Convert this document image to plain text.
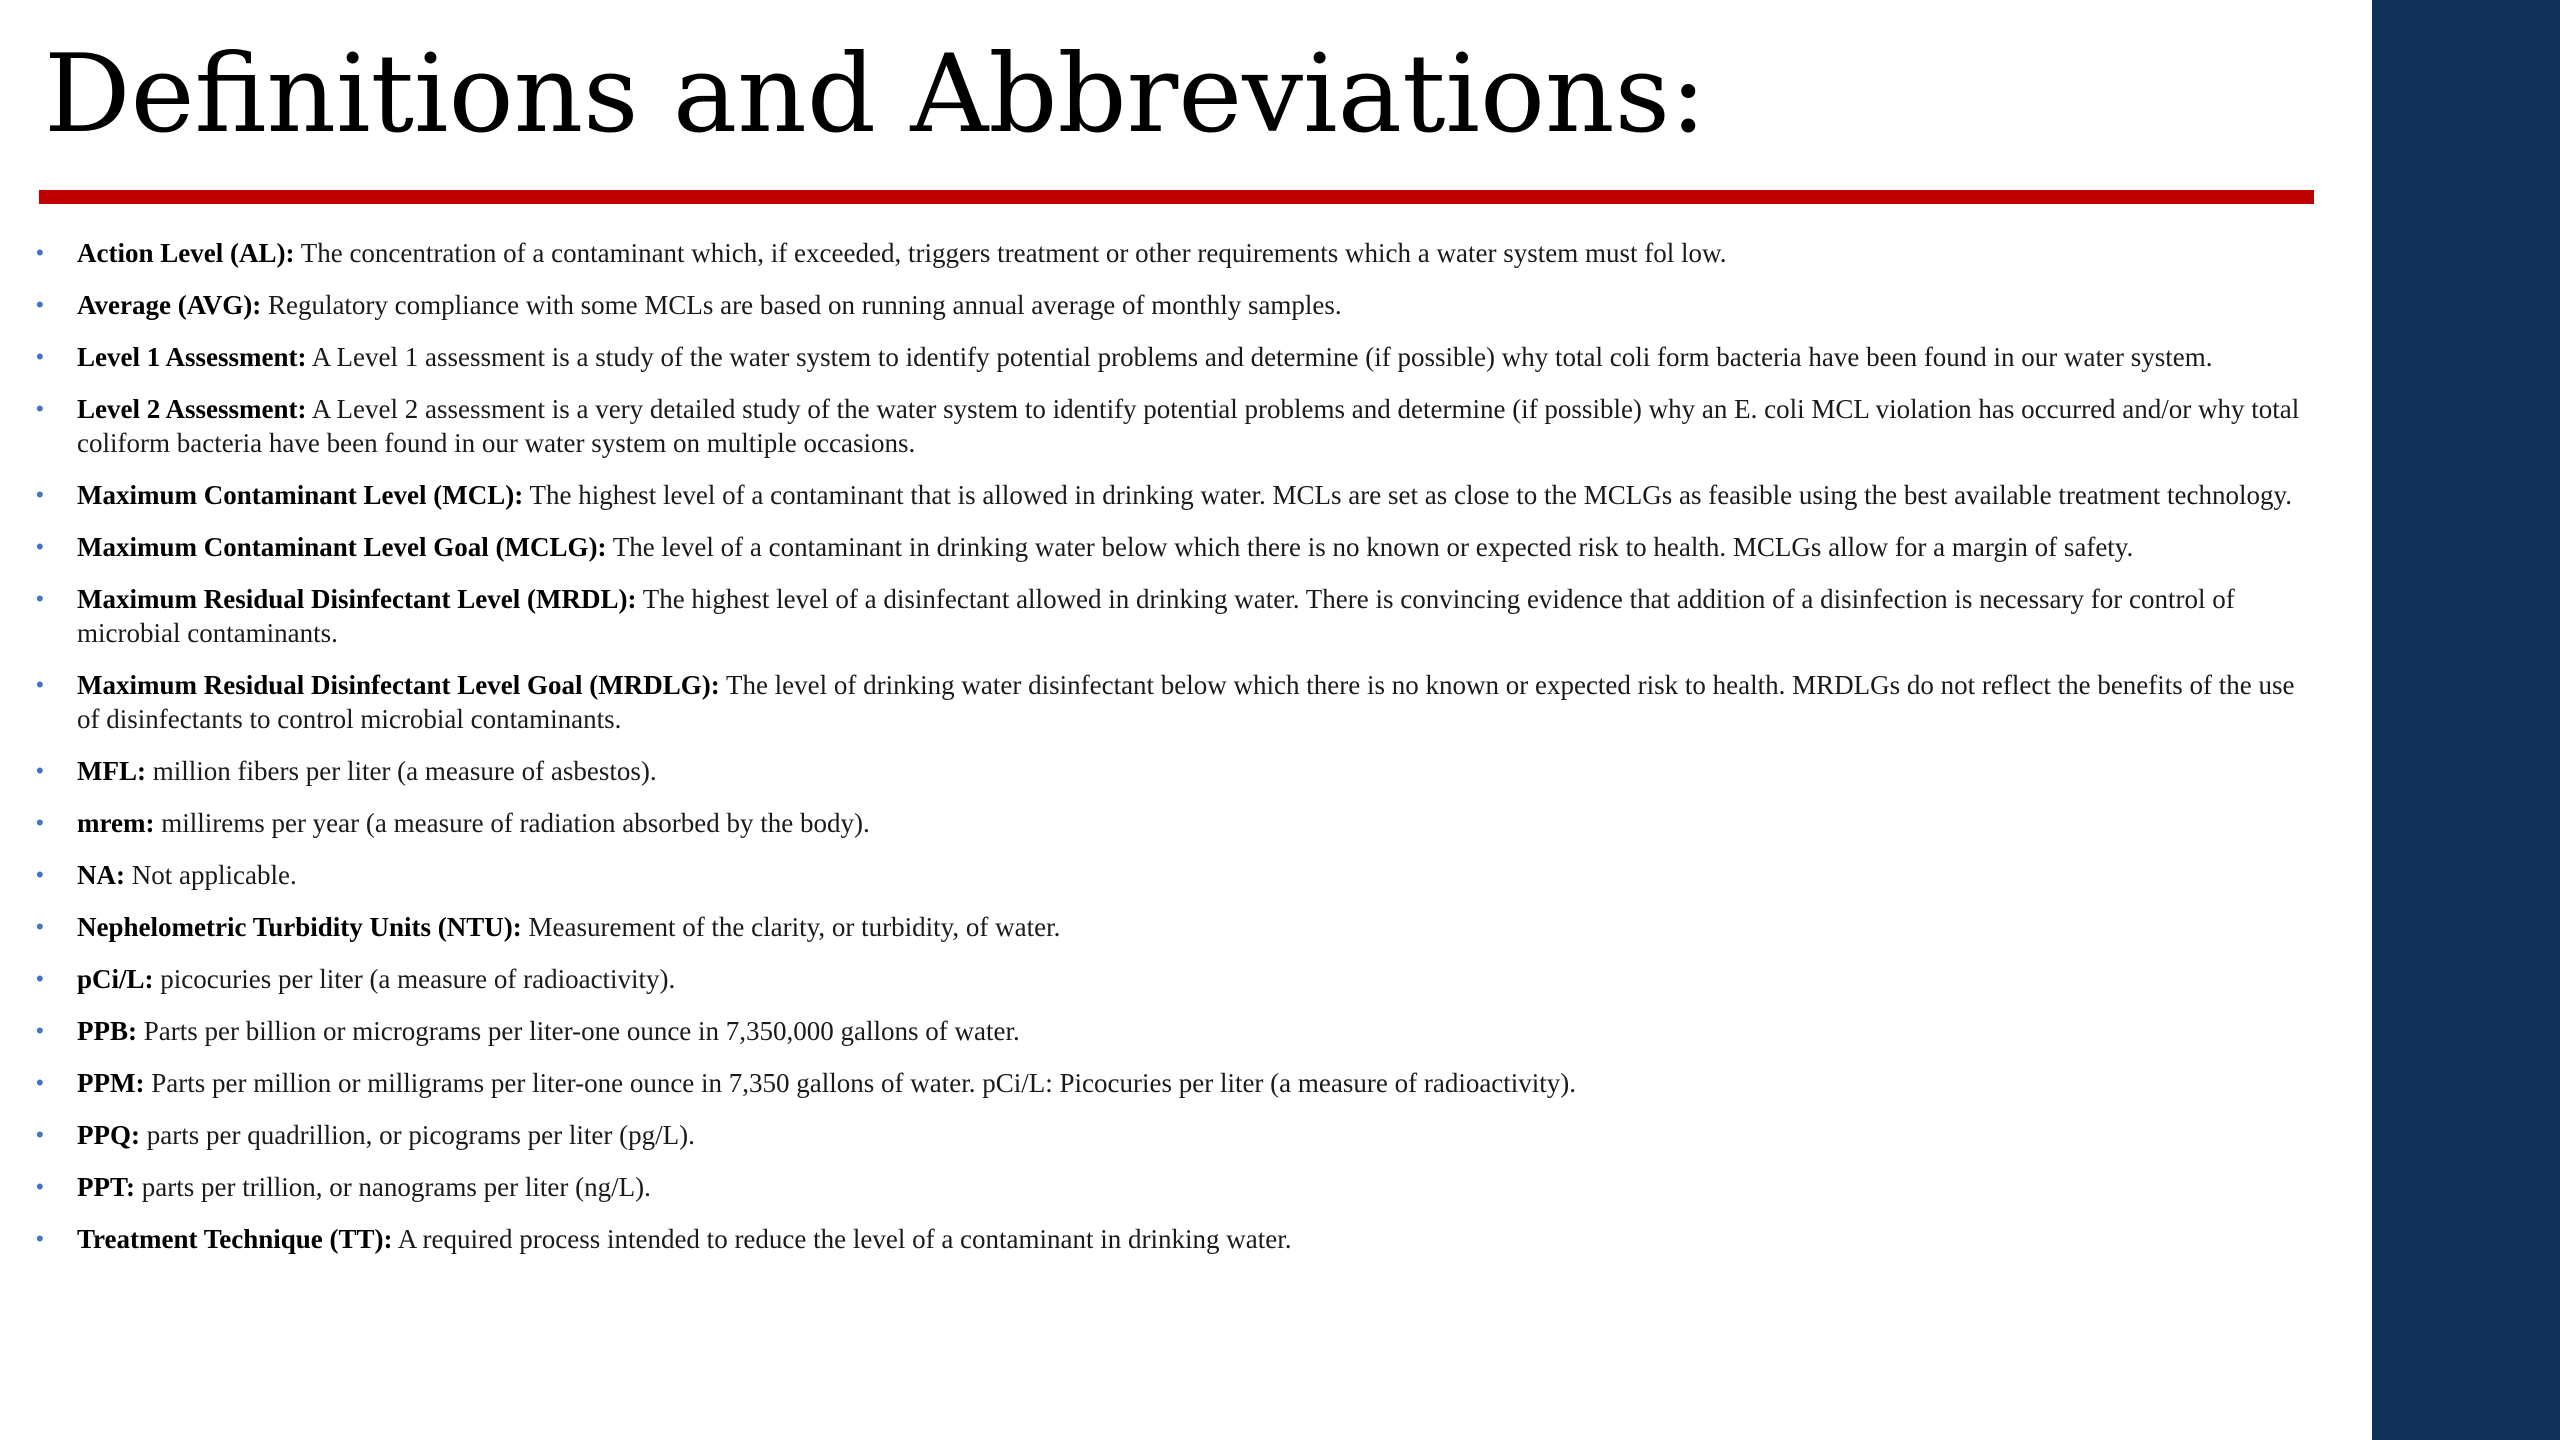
Definitions and Abbreviations:
•	Action Level (AL): The concentration of a contaminant which, if exceeded, triggers treatment or other requirements which a water system must fol low.
•	Average (AVG): Regulatory compliance with some MCLs are based on running annual average of monthly samples.
•	Level 1 Assessment: A Level 1 assessment is a study of the water system to identify potential problems and determine (if possible) why total coli form bacteria have been found in our water system.
•	Level 2 Assessment: A Level 2 assessment is a very detailed study of the water system to identify potential problems and determine (if possible) why an E. coli MCL violation has occurred and/or why total coliform bacteria have been found in our water system on multiple occasions.
•	Maximum Contaminant Level (MCL): The highest level of a contaminant that is allowed in drinking water. MCLs are set as close to the MCLGs as feasible using the best available treatment technology.
•	Maximum Contaminant Level Goal (MCLG): The level of a contaminant in drinking water below which there is no known or expected risk to health. MCLGs allow for a margin of safety.
•	Maximum Residual Disinfectant Level (MRDL): The highest level of a disinfectant allowed in drinking water. There is convincing evidence that addition of a disinfection is necessary for control of microbial contaminants.
•	Maximum Residual Disinfectant Level Goal (MRDLG): The level of drinking water disinfectant below which there is no known or expected risk to health. MRDLGs do not reflect the benefits of the use of disinfectants to control microbial contaminants.
•	MFL: million fibers per liter (a measure of asbestos).
•	mrem: millirems per year (a measure of radiation absorbed by the body).
•	NA: Not applicable.
•	Nephelometric Turbidity Units (NTU): Measurement of the clarity, or turbidity, of water.
•	pCi/L: picocuries per liter (a measure of radioactivity).
•	PPB: Parts per billion or micrograms per liter-one ounce in 7,350,000 gallons of water.
•	PPM: Parts per million or milligrams per liter-one ounce in 7,350 gallons of water. pCi/L: Picocuries per liter (a measure of radioactivity).
•	PPQ: parts per quadrillion, or picograms per liter (pg/L).
•	PPT: parts per trillion, or nanograms per liter (ng/L).
•	Treatment Technique (TT): A required process intended to reduce the level of a contaminant in drinking water.
